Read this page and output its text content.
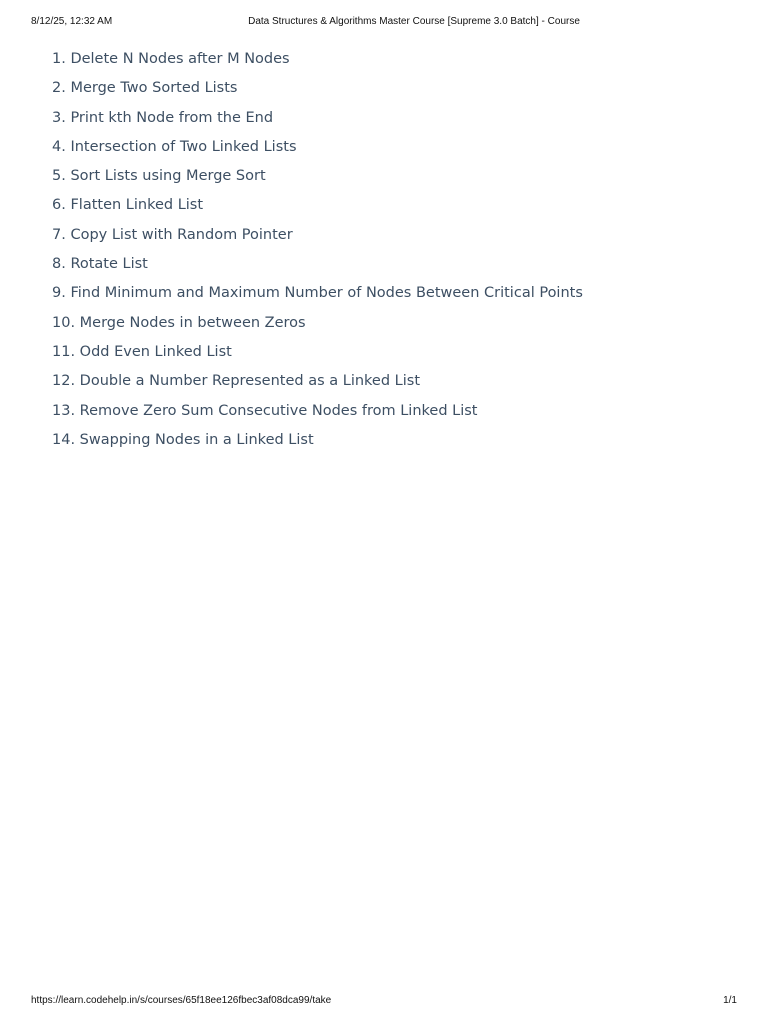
8/12/25, 12:32 AM	Data Structures & Algorithms Master Course [Supreme 3.0 Batch] - Course
1. Delete N Nodes after M Nodes
2. Merge Two Sorted Lists
3. Print kth Node from the End
4. Intersection of Two Linked Lists
5. Sort Lists using Merge Sort
6. Flatten Linked List
7. Copy List with Random Pointer
8. Rotate List
9. Find Minimum and Maximum Number of Nodes Between Critical Points
10. Merge Nodes in between Zeros
11. Odd Even Linked List
12. Double a Number Represented as a Linked List
13. Remove Zero Sum Consecutive Nodes from Linked List
14. Swapping Nodes in a Linked List
https://learn.codehelp.in/s/courses/65f18ee126fbec3af08dca99/take	1/1
